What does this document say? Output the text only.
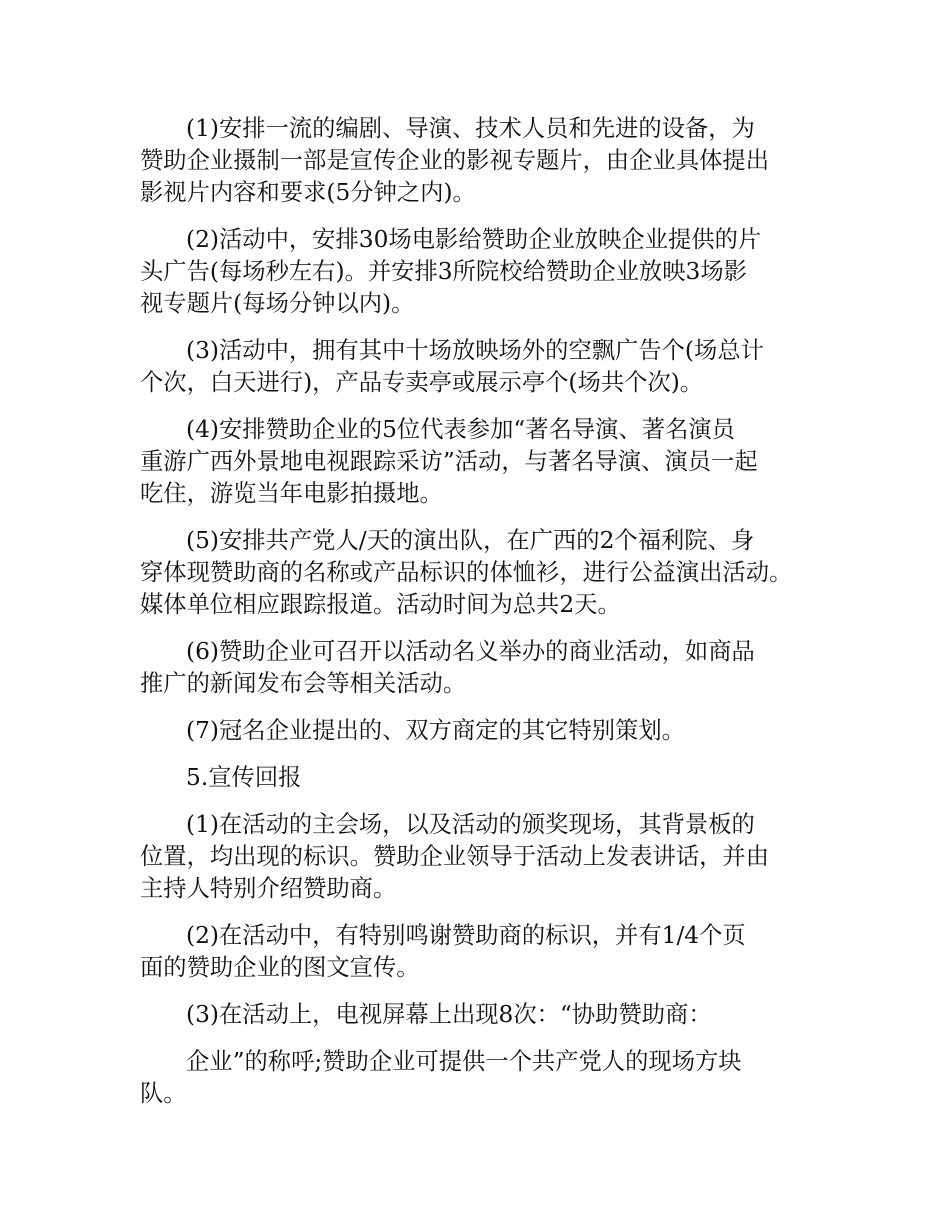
(1)安排一流的编剧、导演、技术人员和先进的设备，为
赞助企业摄制一部是宣传企业的影视专题片，由企业具体提出
影视片内容和要求(5分钟之内)。

(2)活动中，安排30场电影给赞助企业放映企业提供的片
头广告(每场秒左右)。并安排3所院校给赞助企业放映3场影
视专题片(每场分钟以内)。

(3)活动中，拥有其中十场放映场外的空飘广告个(场总计
个次，白天进行)，产品专卖亭或展示亭个(场共个次)。

(4)安排赞助企业的5位代表参加“著名导演、著名演员
重游广西外景地电视跟踪采访”活动，与著名导演、演员一起
吃住，游览当年电影拍摄地。

(5)安排共产党人/天的演出队，在广西的2个福利院、身
穿体现赞助商的名称或产品标识的体恤衫，进行公益演出活动。
媒体单位相应跟踪报道。活动时间为总共2天。

(6)赞助企业可召开以活动名义举办的商业活动，如商品
推广的新闻发布会等相关活动。

(7)冠名企业提出的、双方商定的其它特别策划。

5.宣传回报

(1)在活动的主会场，以及活动的颁奖现场，其背景板的
位置，均出现的标识。赞助企业领导于活动上发表讲话，并由
主持人特别介绍赞助商。

(2)在活动中，有特别鸣谢赞助商的标识，并有1/4个页
面的赞助企业的图文宣传。

(3)在活动上，电视屏幕上出现8次：“协助赞助商：

企业”的称呼;赞助企业可提供一个共产党人的现场方块
队。
